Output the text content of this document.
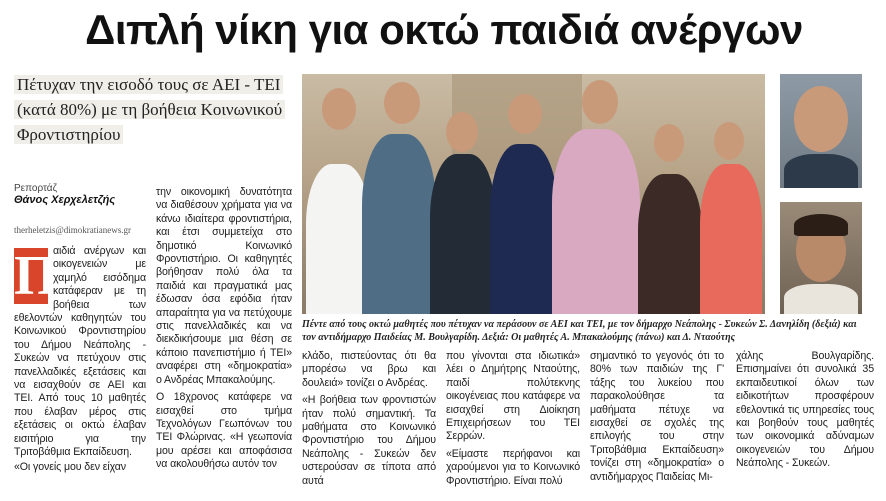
Διπλή νίκη για οκτώ παιδιά ανέργων
Πέτυχαν την εισοδό τους σε ΑΕΙ - ΤΕΙ
(κατά 80%) με τη βοήθεια Κοινωνικού
Φροντιστηρίου
Ρεπορτάζ
Θάνος Χερχελετζής
therheletzis@dimokratianews.gr
Π

αιδιά ανέργων και οικογενειών με χαμηλό εισόδημα κατάφεραν με τη βοήθεια των εθελοντών καθηγητών του Κοινωνικού Φροντιστηρίου του Δήμου Νεάπολης - Συκεών να πετύχουν στις πανελλαδικές εξετάσεις και να εισαχθούν σε ΑΕΙ και ΤΕΙ. Από τους 10 μαθητές που έλαβαν μέρος στις εξετάσεις οι οκτώ έλαβαν εισιτήριο για την Τριτοβάθμια Εκπαίδευση.

«Οι γονείς μου δεν είχαν

την οικονομική δυνατότητα να διαθέσουν χρήματα για να κάνω ιδιαίτερα φροντιστήρια, και έτσι συμμετείχα στο δημοτικό Κοινωνικό Φροντιστήριο. Οι καθηγητές βοήθησαν πολύ όλα τα παιδιά και πραγματικά μας έδωσαν όσα εφόδια ήταν απαραίτητα για να πετύχουμε στις πανελλαδικές και να διεκδικήσουμε μια θέση σε κάποιο πανεπιστήμιο ή ΤΕΙ» αναφέρει στη «δημοκρατία» ο Ανδρέας Μπακαλούμης.

Ο 18χρονος κατάφερε να εισαχθεί στο τμήμα Τεχνολόγων Γεωπόνων του ΤΕΙ Φλώρινας. «Η γεωπονία μου αρέσει και αποφάσισα να ακολουθήσω αυτόν τον

Πέντε από τους οκτώ μαθητές που πέτυχαν να περάσουν σε ΑΕΙ και ΤΕΙ, με τον δήμαρχο Νεάπολης - Συκεών Σ. Δανηλίδη (δεξιά) και τον αντιδήμαρχο Παιδείας Μ. Βουλγαρίδη. Δεξιά: Οι μαθητές Α. Μπακαλούμης (πάνω) και Δ. Νταούτης

κλάδο, πιστεύοντας ότι θα μπορέσω να βρω και δουλειά» τονίζει ο Ανδρέας.

«Η βοήθεια των φροντιστών ήταν πολύ σημαντική. Τα μαθήματα στο Κοινωνικό Φροντιστήριο του Δήμου Νεάπολης - Συκεών δεν υστερούσαν σε τίποτα από αυτά

που γίνονται στα ιδιωτικά» λέει ο Δημήτρης Νταούτης, παιδί πολύτεκνης οικογένειας που κατάφερε να εισαχθεί στη Διοίκηση Επιχειρήσεων του ΤΕΙ Σερρών.

«Είμαστε περήφανοι και χαρούμενοι για το Κοινωνικό Φροντιστήριο. Είναι πολύ

σημαντικό το γεγονός ότι το 80% των παιδιών της Γ' τάξης του λυκείου που παρακολούθησε τα μαθήματα πέτυχε να εισαχθεί σε σχολές της επιλογής του στην Τριτοβάθμια Εκπαίδευση» τονίζει στη «δημοκρατία» ο αντιδήμαρχος Παιδείας Μι-

χάλης Βουλγαρίδης. Επισημαίνει ότι συνολικά 35 εκπαιδευτικοί όλων των ειδικοτήτων προσφέρουν εθελοντικά τις υπηρεσίες τους και βοηθούν τους μαθητές των οικονομικά αδύναμων οικογενειών του Δήμου Νεάπολης - Συκεών.
